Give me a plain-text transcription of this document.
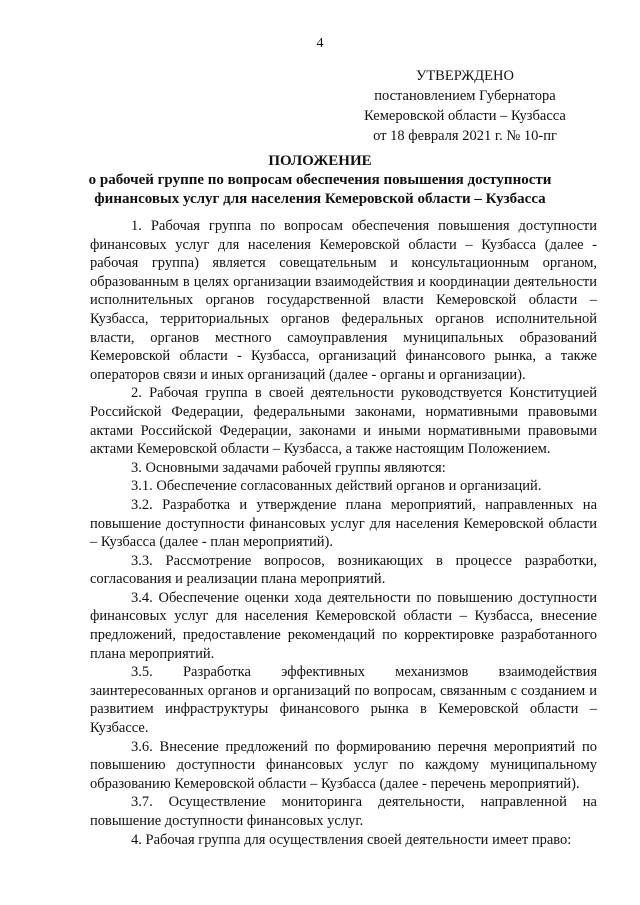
4
УТВЕРЖДЕНО
постановлением Губернатора
Кемеровской области – Кузбасса
от 18 февраля 2021 г. № 10-пг
ПОЛОЖЕНИЕ
о рабочей группе по вопросам обеспечения повышения доступности
финансовых услуг для населения Кемеровской области – Кузбасса

1. Рабочая группа по вопросам обеспечения повышения доступности финансовых услуг для населения Кемеровской области – Кузбасса (далее - рабочая группа) является совещательным и консультационным органом, образованным в целях организации взаимодействия и координации деятельности исполнительных органов государственной власти Кемеровской области – Кузбасса, территориальных органов федеральных органов исполнительной власти, органов местного самоуправления муниципальных образований Кемеровской области - Кузбасса, организаций финансового рынка, а также операторов связи и иных организаций (далее - органы и организации).

2. Рабочая группа в своей деятельности руководствуется Конституцией Российской Федерации, федеральными законами, нормативными правовыми актами Российской Федерации, законами и иными нормативными правовыми актами Кемеровской области – Кузбасса, а также настоящим Положением.

3. Основными задачами рабочей группы являются:

3.1. Обеспечение согласованных действий органов и организаций.

3.2. Разработка и утверждение плана мероприятий, направленных на повышение доступности финансовых услуг для населения Кемеровской области – Кузбасса (далее - план мероприятий).

3.3. Рассмотрение вопросов, возникающих в процессе разработки, согласования и реализации плана мероприятий.

3.4. Обеспечение оценки хода деятельности по повышению доступности финансовых услуг для населения Кемеровской области – Кузбасса, внесение предложений, предоставление рекомендаций по корректировке разработанного плана мероприятий.

3.5. Разработка эффективных механизмов взаимодействия заинтересованных органов и организаций по вопросам, связанным с созданием и развитием инфраструктуры финансового рынка в Кемеровской области – Кузбассе.

3.6. Внесение предложений по формированию перечня мероприятий по повышению доступности финансовых услуг по каждому муниципальному образованию Кемеровской области – Кузбасса (далее - перечень мероприятий).

3.7. Осуществление мониторинга деятельности, направленной на повышение доступности финансовых услуг.

4. Рабочая группа для осуществления своей деятельности имеет право:
